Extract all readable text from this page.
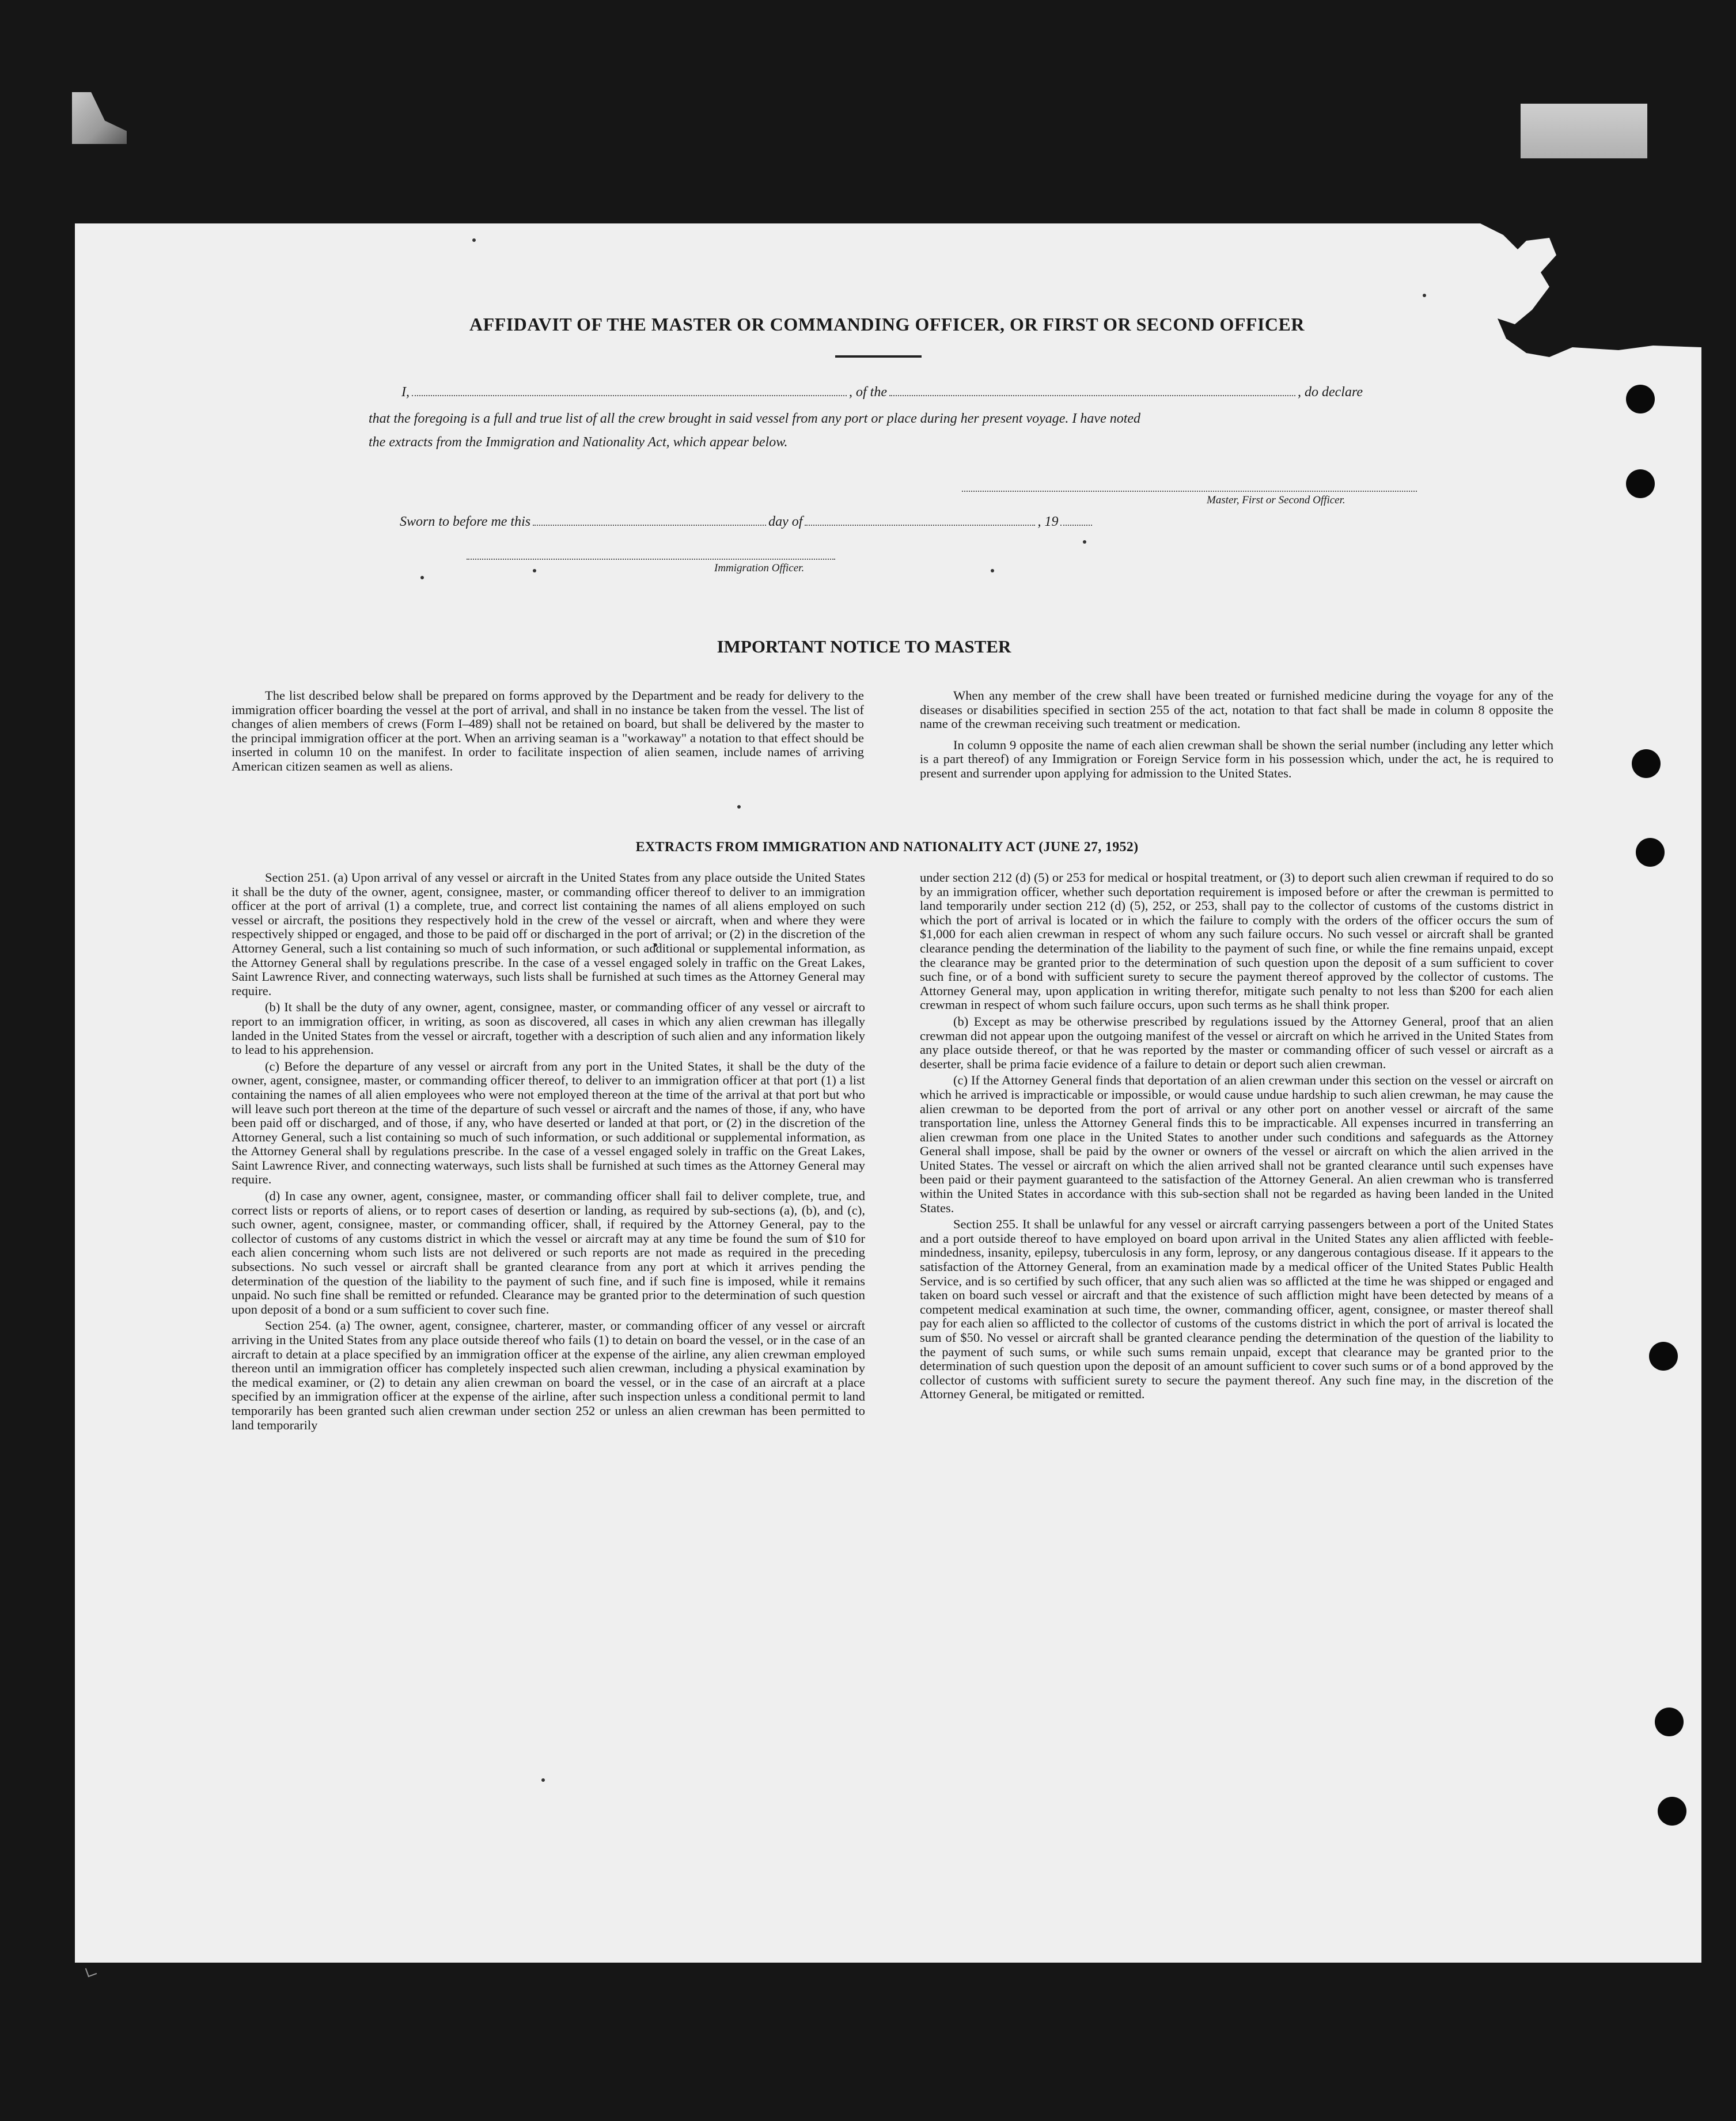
AFFIDAVIT OF THE MASTER OR COMMANDING OFFICER, OR FIRST OR SECOND OFFICER
I,	, of the	, do declare
that the foregoing is a full and true list of all the crew brought in said vessel from any port or place during her present voyage. I have noted
the extracts from the Immigration and Nationality Act, which appear below.
Master, First or Second Officer.
Sworn to before me this	day of	, 19
Immigration Officer.
IMPORTANT NOTICE TO MASTER

The list described below shall be prepared on forms approved by the Department and be ready for delivery to the immigration officer boarding the vessel at the port of arrival, and shall in no instance be taken from the vessel. The list of changes of alien members of crews (Form I–489) shall not be retained on board, but shall be delivered by the master to the principal immigration officer at the port. When an arriving seaman is a "workaway" a notation to that effect should be inserted in column 10 on the manifest. In order to facilitate inspection of alien seamen, include names of arriving American citizen seamen as well as aliens.

When any member of the crew shall have been treated or furnished medicine during the voyage for any of the diseases or disabilities specified in section 255 of the act, notation to that fact shall be made in column 8 opposite the name of the crewman receiving such treatment or medication.

In column 9 opposite the name of each alien crewman shall be shown the serial number (including any letter which is a part thereof) of any Immigration or Foreign Service form in his possession which, under the act, he is required to present and surrender upon applying for admission to the United States.

EXTRACTS FROM IMMIGRATION AND NATIONALITY ACT (JUNE 27, 1952)

Section 251. (a) Upon arrival of any vessel or aircraft in the United States from any place outside the United States it shall be the duty of the owner, agent, consignee, master, or commanding officer thereof to deliver to an immigration officer at the port of arrival (1) a complete, true, and correct list containing the names of all aliens employed on such vessel or aircraft, the positions they respectively hold in the crew of the vessel or aircraft, when and where they were respectively shipped or engaged, and those to be paid off or discharged in the port of arrival; or (2) in the discretion of the Attorney General, such a list containing so much of such information, or such additional or supplemental information, as the Attorney General shall by regulations prescribe. In the case of a vessel engaged solely in traffic on the Great Lakes, Saint Lawrence River, and connecting waterways, such lists shall be furnished at such times as the Attorney General may require.

(b) It shall be the duty of any owner, agent, consignee, master, or commanding officer of any vessel or aircraft to report to an immigration officer, in writing, as soon as discovered, all cases in which any alien crewman has illegally landed in the United States from the vessel or aircraft, together with a description of such alien and any information likely to lead to his apprehension.

(c) Before the departure of any vessel or aircraft from any port in the United States, it shall be the duty of the owner, agent, consignee, master, or commanding officer thereof, to deliver to an immigration officer at that port (1) a list containing the names of all alien employees who were not employed thereon at the time of the arrival at that port but who will leave such port thereon at the time of the departure of such vessel or aircraft and the names of those, if any, who have been paid off or discharged, and of those, if any, who have deserted or landed at that port, or (2) in the discretion of the Attorney General, such a list containing so much of such information, or such additional or supplemental information, as the Attorney General shall by regulations prescribe. In the case of a vessel engaged solely in traffic on the Great Lakes, Saint Lawrence River, and connecting waterways, such lists shall be furnished at such times as the Attorney General may require.

(d) In case any owner, agent, consignee, master, or commanding officer shall fail to deliver complete, true, and correct lists or reports of aliens, or to report cases of desertion or landing, as required by sub-sections (a), (b), and (c), such owner, agent, consignee, master, or commanding officer, shall, if required by the Attorney General, pay to the collector of customs of any customs district in which the vessel or aircraft may at any time be found the sum of $10 for each alien concerning whom such lists are not delivered or such reports are not made as required in the preceding subsections. No such vessel or aircraft shall be granted clearance from any port at which it arrives pending the determination of the question of the liability to the payment of such fine, and if such fine is imposed, while it remains unpaid. No such fine shall be remitted or refunded. Clearance may be granted prior to the determination of such question upon deposit of a bond or a sum sufficient to cover such fine.

Section 254. (a) The owner, agent, consignee, charterer, master, or commanding officer of any vessel or aircraft arriving in the United States from any place outside thereof who fails (1) to detain on board the vessel, or in the case of an aircraft to detain at a place specified by an immigration officer at the expense of the airline, any alien crewman employed thereon until an immigration officer has completely inspected such alien crewman, including a physical examination by the medical examiner, or (2) to detain any alien crewman on board the vessel, or in the case of an aircraft at a place specified by an immigration officer at the expense of the airline, after such inspection unless a conditional permit to land temporarily has been granted such alien crewman under section 252 or unless an alien crewman has been permitted to land temporarily

under section 212 (d) (5) or 253 for medical or hospital treatment, or (3) to deport such alien crewman if required to do so by an immigration officer, whether such deportation requirement is imposed before or after the crewman is permitted to land temporarily under section 212 (d) (5), 252, or 253, shall pay to the collector of customs of the customs district in which the port of arrival is located or in which the failure to comply with the orders of the officer occurs the sum of $1,000 for each alien crewman in respect of whom any such failure occurs. No such vessel or aircraft shall be granted clearance pending the determination of the liability to the payment of such fine, or while the fine remains unpaid, except the clearance may be granted prior to the determination of such question upon the deposit of a sum sufficient to cover such fine, or of a bond with sufficient surety to secure the payment thereof approved by the collector of customs. The Attorney General may, upon application in writing therefor, mitigate such penalty to not less than $200 for each alien crewman in respect of whom such failure occurs, upon such terms as he shall think proper.

(b) Except as may be otherwise prescribed by regulations issued by the Attorney General, proof that an alien crewman did not appear upon the outgoing manifest of the vessel or aircraft on which he arrived in the United States from any place outside thereof, or that he was reported by the master or commanding officer of such vessel or aircraft as a deserter, shall be prima facie evidence of a failure to detain or deport such alien crewman.

(c) If the Attorney General finds that deportation of an alien crewman under this section on the vessel or aircraft on which he arrived is impracticable or impossible, or would cause undue hardship to such alien crewman, he may cause the alien crewman to be deported from the port of arrival or any other port on another vessel or aircraft of the same transportation line, unless the Attorney General finds this to be impracticable. All expenses incurred in transferring an alien crewman from one place in the United States to another under such conditions and safeguards as the Attorney General shall impose, shall be paid by the owner or owners of the vessel or aircraft on which the alien arrived in the United States. The vessel or aircraft on which the alien arrived shall not be granted clearance until such expenses have been paid or their payment guaranteed to the satisfaction of the Attorney General. An alien crewman who is transferred within the United States in accordance with this sub-section shall not be regarded as having been landed in the United States.

Section 255. It shall be unlawful for any vessel or aircraft carrying passengers between a port of the United States and a port outside thereof to have employed on board upon arrival in the United States any alien afflicted with feeble-mindedness, insanity, epilepsy, tuberculosis in any form, leprosy, or any dangerous contagious disease. If it appears to the satisfaction of the Attorney General, from an examination made by a medical officer of the United States Public Health Service, and is so certified by such officer, that any such alien was so afflicted at the time he was shipped or engaged and taken on board such vessel or aircraft and that the existence of such affliction might have been detected by means of a competent medical examination at such time, the owner, commanding officer, agent, consignee, or master thereof shall pay for each alien so afflicted to the collector of customs of the customs district in which the port of arrival is located the sum of $50. No vessel or aircraft shall be granted clearance pending the determination of the question of the liability to the payment of such sums, or while such sums remain unpaid, except that clearance may be granted prior to the determination of such question upon the deposit of an amount sufficient to cover such sums or of a bond approved by the collector of customs with sufficient surety to secure the payment thereof. Any such fine may, in the discretion of the Attorney General, be mitigated or remitted.
